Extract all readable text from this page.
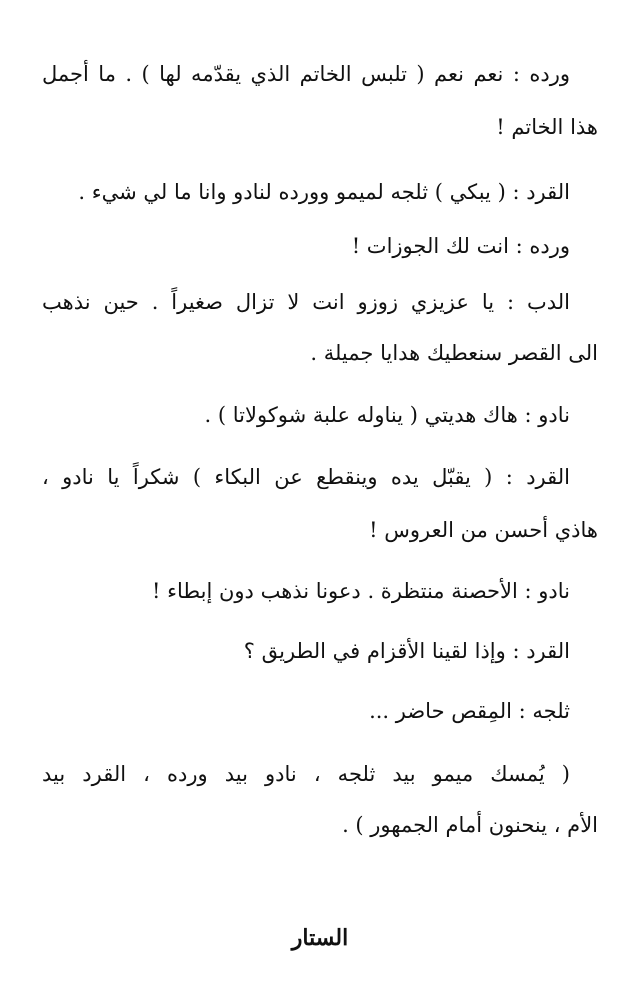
ورده : نعم نعم ( تلبس الخاتم الذي يقدّمه لها ) . ما أجمل
هذا الخاتم !
القرد : ( يبكي ) ثلجه لميمو وورده لنادو وانا ما لي شيء .
ورده : انت لك الجوزات !
الدب : يا عزيزي زوزو انت لا تزال صغيراً . حين نذهب
الى القصر سنعطيك هدايا جميلة .
نادو : هاك هديتي ( يناوله علبة شوكولاتا ) .
القرد : ( يقبّل يده وينقطع عن البكاء ) شكراً يا نادو ،
هاذي أحسن من العروس !
نادو : الأحصنة منتظرة . دعونا نذهب دون إبطاء !
القرد : وإذا لقينا الأقزام في الطريق ؟
ثلجه : المِقص حاضر ...
( يُمسك ميمو بيد ثلجه ، نادو بيد ورده ، القرد بيد
الأم ، ينحنون أمام الجمهور ) .
الستار
